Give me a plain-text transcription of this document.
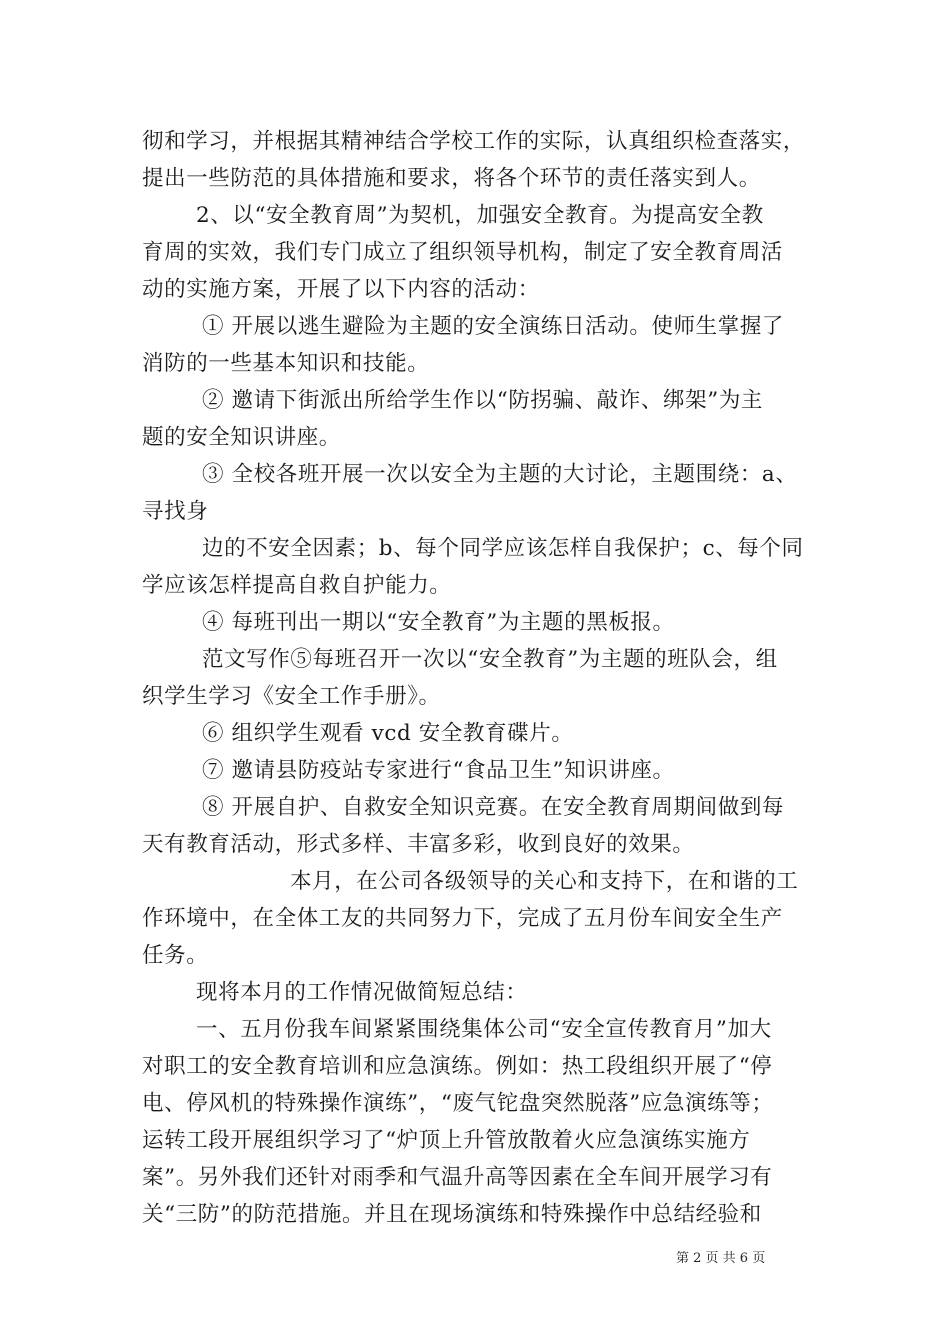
彻和学习，并根据其精神结合学校工作的实际，认真组织检查落实，
提出一些防范的具体措施和要求，将各个环节的责任落实到人。
2、以“安全教育周”为契机，加强安全教育。为提高安全教
育周的实效，我们专门成立了组织领导机构，制定了安全教育周活
动的实施方案，开展了以下内容的活动：
① 开展以逃生避险为主题的安全演练日活动。使师生掌握了
消防的一些基本知识和技能。
② 邀请下街派出所给学生作以“防拐骗、敲诈、绑架”为主
题的安全知识讲座。
③ 全校各班开展一次以安全为主题的大讨论，主题围绕：a、
寻找身
边的不安全因素；b、每个同学应该怎样自我保护；c、每个同
学应该怎样提高自救自护能力。
④ 每班刊出一期以“安全教育”为主题的黑板报。
范文写作⑤每班召开一次以“安全教育”为主题的班队会，组
织学生学习《安全工作手册》。
⑥ 组织学生观看 vcd 安全教育碟片。
⑦ 邀请县防疫站专家进行“食品卫生”知识讲座。
⑧ 开展自护、自救安全知识竞赛。在安全教育周期间做到每
天有教育活动，形式多样、丰富多彩，收到良好的效果。
本月，在公司各级领导的关心和支持下，在和谐的工
作环境中，在全体工友的共同努力下，完成了五月份车间安全生产
任务。
现将本月的工作情况做简短总结：
一、五月份我车间紧紧围绕集体公司“安全宣传教育月”加大
对职工的安全教育培训和应急演练。例如：热工段组织开展了“停
电、停风机的特殊操作演练”，“废气铊盘突然脱落”应急演练等；
运转工段开展组织学习了“炉顶上升管放散着火应急演练实施方
案”。另外我们还针对雨季和气温升高等因素在全车间开展学习有
关“三防”的防范措施。并且在现场演练和特殊操作中总结经验和
第 2 页 共 6 页
